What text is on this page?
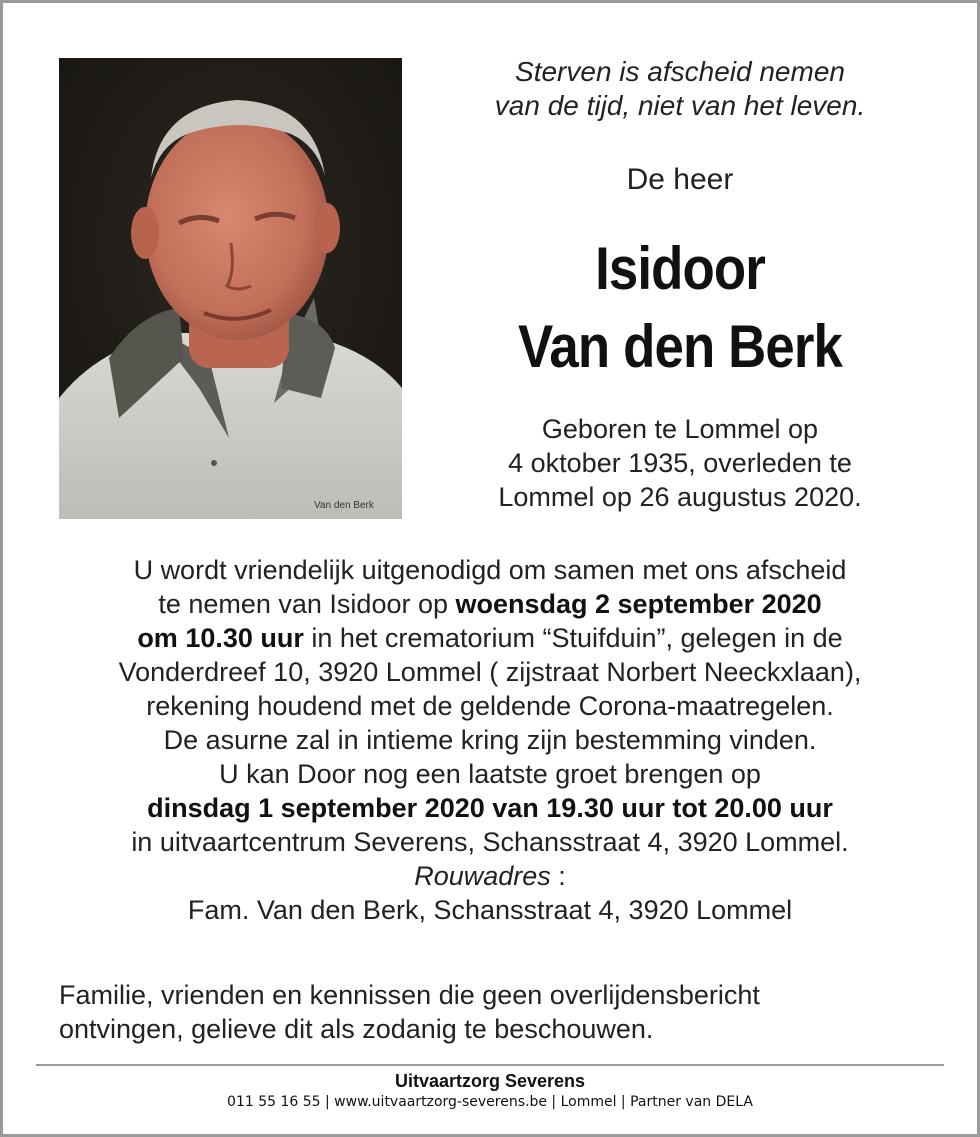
Van den Berk
Sterven is afscheid nemen
van de tijd, niet van het leven.
De heer
Isidoor
Van den Berk
Geboren te Lommel op
4 oktober 1935, overleden te
Lommel op 26 augustus 2020.
U wordt vriendelijk uitgenodigd om samen met ons afscheid
te nemen van Isidoor op woensdag 2 september 2020
om 10.30 uur in het crematorium “Stuifduin”, gelegen in de
Vonderdreef 10, 3920 Lommel ( zijstraat Norbert Neeckxlaan),
rekening houdend met de geldende Corona-maatregelen.
De asurne zal in intieme kring zijn bestemming vinden.
U kan Door nog een laatste groet brengen op
dinsdag 1 september 2020 van 19.30 uur tot 20.00 uur
in uitvaartcentrum Severens, Schansstraat 4, 3920 Lommel.
Rouwadres :
Fam. Van den Berk, Schansstraat 4, 3920 Lommel
Familie, vrienden en kennissen die geen overlijdensbericht
ontvingen, gelieve dit als zodanig te beschouwen.
Uitvaartzorg Severens
011 55 16 55 | www.uitvaartzorg-severens.be | Lommel | Partner van DELA
